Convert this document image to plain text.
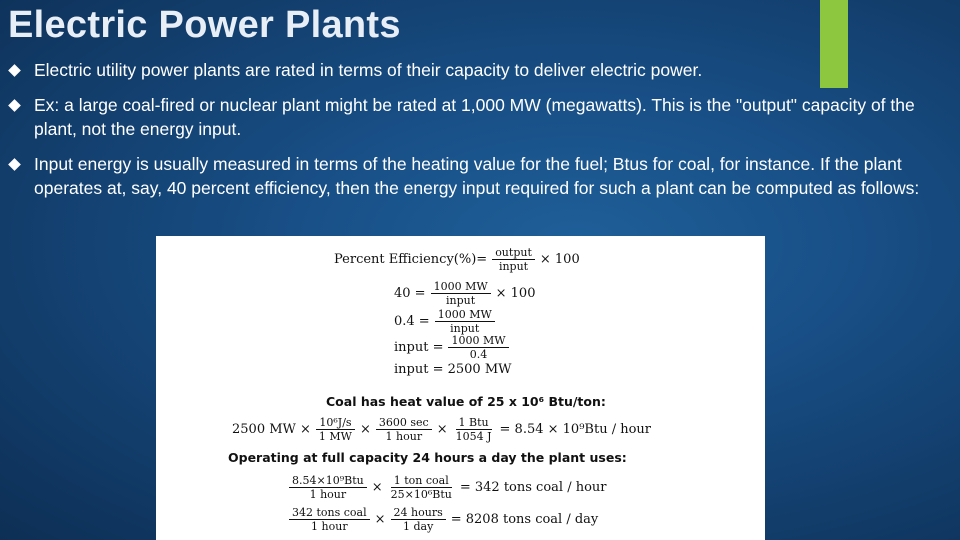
Electric Power Plants
Electric utility power plants are rated in terms of their capacity to deliver electric power.
Ex: a large coal-fired or nuclear plant might be rated at 1,000 MW (megawatts). This is the "output" capacity of the plant, not the energy input.
Input energy is usually measured in terms of the heating value for the fuel; Btus for coal, for instance. If the plant operates at, say, 40 percent efficiency, then the energy input required for such a plant can be computed as follows:
Percent Efficiency(%)= $\frac{\text{output}}{\text{input}} \times 100$
$40 = \frac{1000 MW}{\text{input}} \times 100$
$0.4 = \frac{1000 MW}{\text{input}}$
input = $\frac{1000 MW}{0.4}$
input = 2500 MW
Coal has heat value of 25 x 10⁶ Btu/ton:
2500 MW × $\frac{\text{10⁶J/s}}{1 MW} \times \frac{3600 \sec}{\text{1 hour}} \times \frac{\text{1 Btu}}{1054 J} = 8.54 \times 10^9Btu$ / hour
Operating at full capacity 24 hours a day the plant uses:
$\frac{\text{8.54×10⁹Btu}}{\text{1 hour}} \times \frac{\text{1 ton coal}}{\text{25×10⁶Btu}} = 342$ tons coal / hour
$\frac{\text{342 tons coal}}{\text{1 hour}} \times \frac{\text{24 hours}}{\text{1 day}} = 8208$ tons coal / day
